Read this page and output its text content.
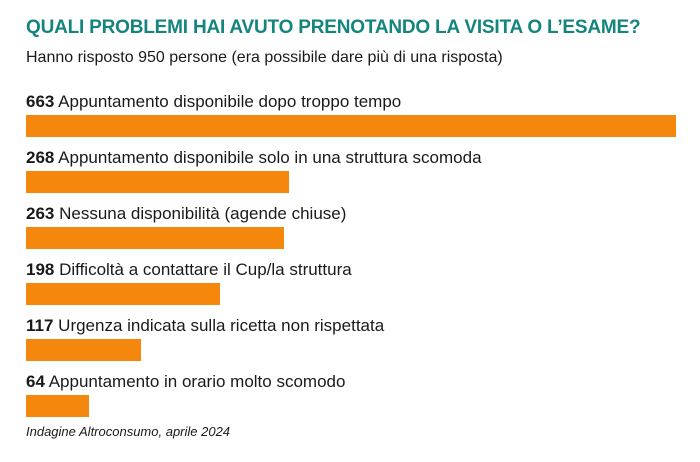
QUALI PROBLEMI HAI AVUTO PRENOTANDO LA VISITA O L’ESAME?
Hanno risposto 950 persone (era possibile dare più di una risposta)
663 Appuntamento disponibile dopo troppo tempo
268 Appuntamento disponibile solo in una struttura scomoda
263 Nessuna disponibilità (agende chiuse)
198 Difficoltà a contattare il Cup/la struttura
117 Urgenza indicata sulla ricetta non rispettata
64 Appuntamento in orario molto scomodo
Indagine Altroconsumo, aprile 2024
